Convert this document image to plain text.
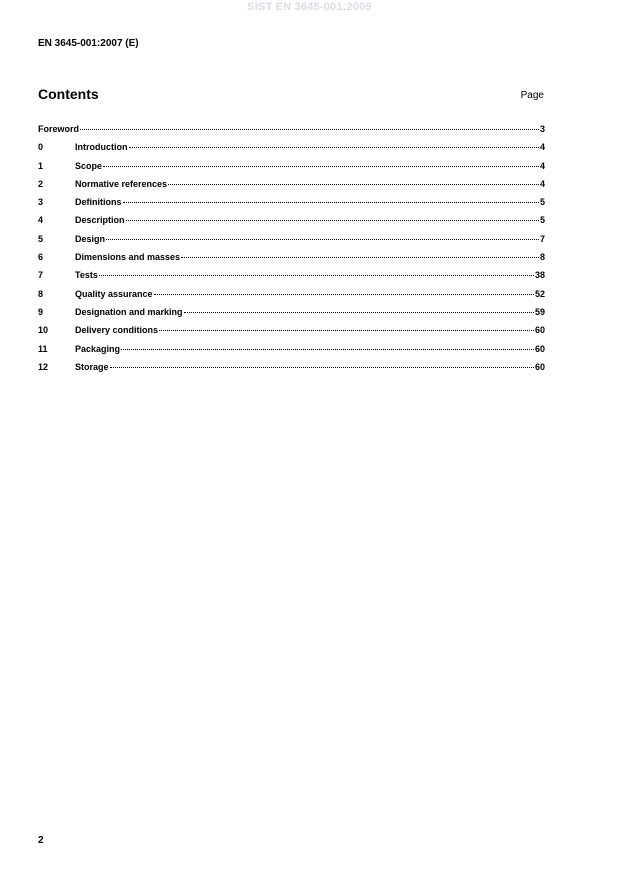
SIST EN 3645-001:2009
EN 3645-001:2007 (E)
Contents	Page
Foreword	3
0	Introduction	4
1	Scope	4
2	Normative references	4
3	Definitions	5
4	Description	5
5	Design	7
6	Dimensions and masses	8
7	Tests	38
8	Quality assurance	52
9	Designation and marking	59
10	Delivery conditions	60
11	Packaging	60
12	Storage	60
2
